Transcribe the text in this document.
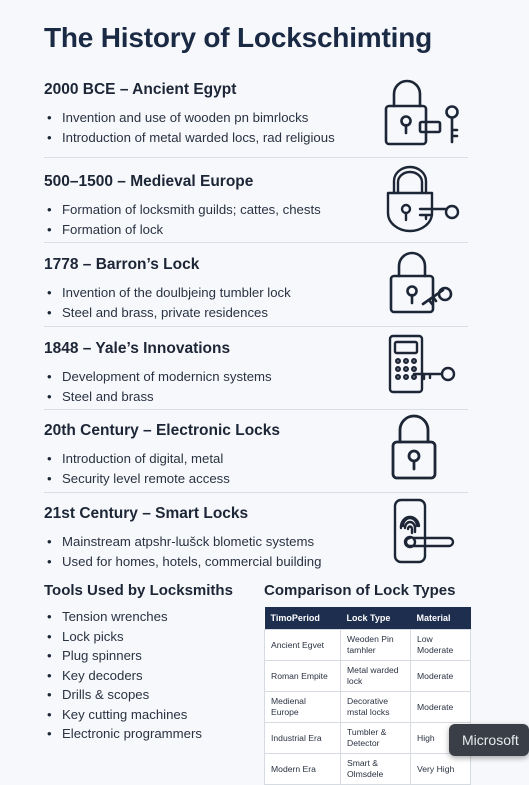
The History of Lockschimting
2000 BCE – Ancient Egypt
• Invention and use of wooden pn bimrlocks
• Introduction of metal warded locs, rad religious
500–1500 – Medieval Europe
• Formation of locksmith guilds; cattes, chests
• Formation of lock
1778 – Barron’s Lock
• Invention of the doulbjeing tumbler lock
• Steel and brass, private residences
1848 – Yale’s Innovations
• Development of modernicn systems
• Steel and brass
20th Century – Electronic Locks
• Introduction of digital, metal
• Security level remote access
21st Century – Smart Locks
• Mainstream atpshr-lɯšck blometic systems
• Used for homes, hotels, commercial building
Tools Used by Locksmiths
• Tension wrenches
• Lock picks
• Plug spinners
• Key decoders
• Drills & scopes
• Key cutting machines
• Electronic programmers
Comparison of Lock Types
TimoPeriod	Lock Type	Material
Ancient Egvet	Weoden Pin tamhler	Low Moderate
Roman Empite	Metal warded lock	Moderate
Medienal Europe	Decorative mstal locks	Moderate
Industrial Era	Tumbler & Detector	High
Modern Era	Smart & Olmsdele	Very High
Microsoft
